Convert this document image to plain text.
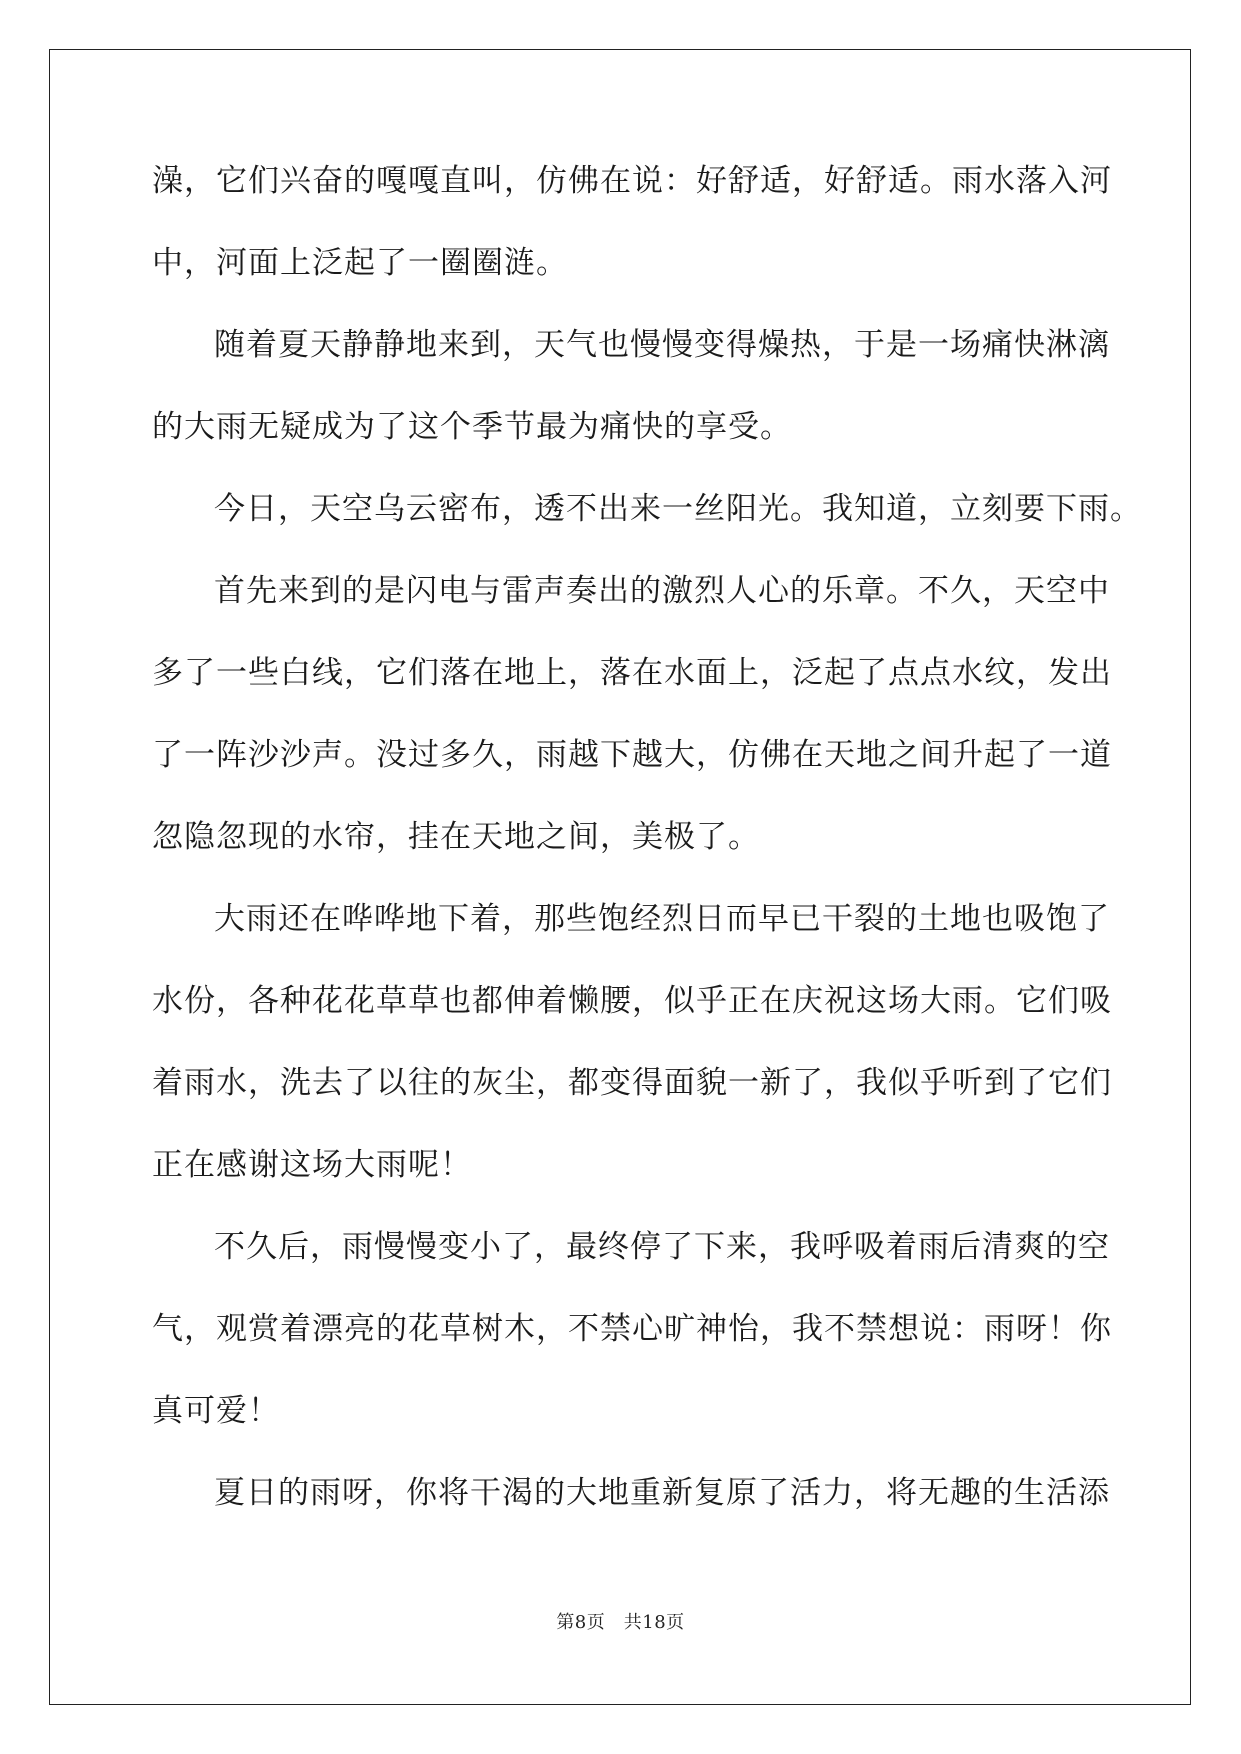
澡，它们兴奋的嘎嘎直叫，仿佛在说：好舒适，好舒适。雨水落入河
中，河面上泛起了一圈圈涟。
随着夏天静静地来到，天气也慢慢变得燥热，于是一场痛快淋漓
的大雨无疑成为了这个季节最为痛快的享受。
今日，天空乌云密布，透不出来一丝阳光。我知道，立刻要下雨。
首先来到的是闪电与雷声奏出的激烈人心的乐章。不久，天空中
多了一些白线，它们落在地上，落在水面上，泛起了点点水纹，发出
了一阵沙沙声。没过多久，雨越下越大，仿佛在天地之间升起了一道
忽隐忽现的水帘，挂在天地之间，美极了。
大雨还在哗哗地下着，那些饱经烈日而早已干裂的土地也吸饱了
水份，各种花花草草也都伸着懒腰，似乎正在庆祝这场大雨。它们吸
着雨水，洗去了以往的灰尘，都变得面貌一新了，我似乎听到了它们
正在感谢这场大雨呢！
不久后，雨慢慢变小了，最终停了下来，我呼吸着雨后清爽的空
气，观赏着漂亮的花草树木，不禁心旷神怡，我不禁想说：雨呀！你
真可爱！
夏日的雨呀，你将干渴的大地重新复原了活力，将无趣的生活添
第8页　共18页
